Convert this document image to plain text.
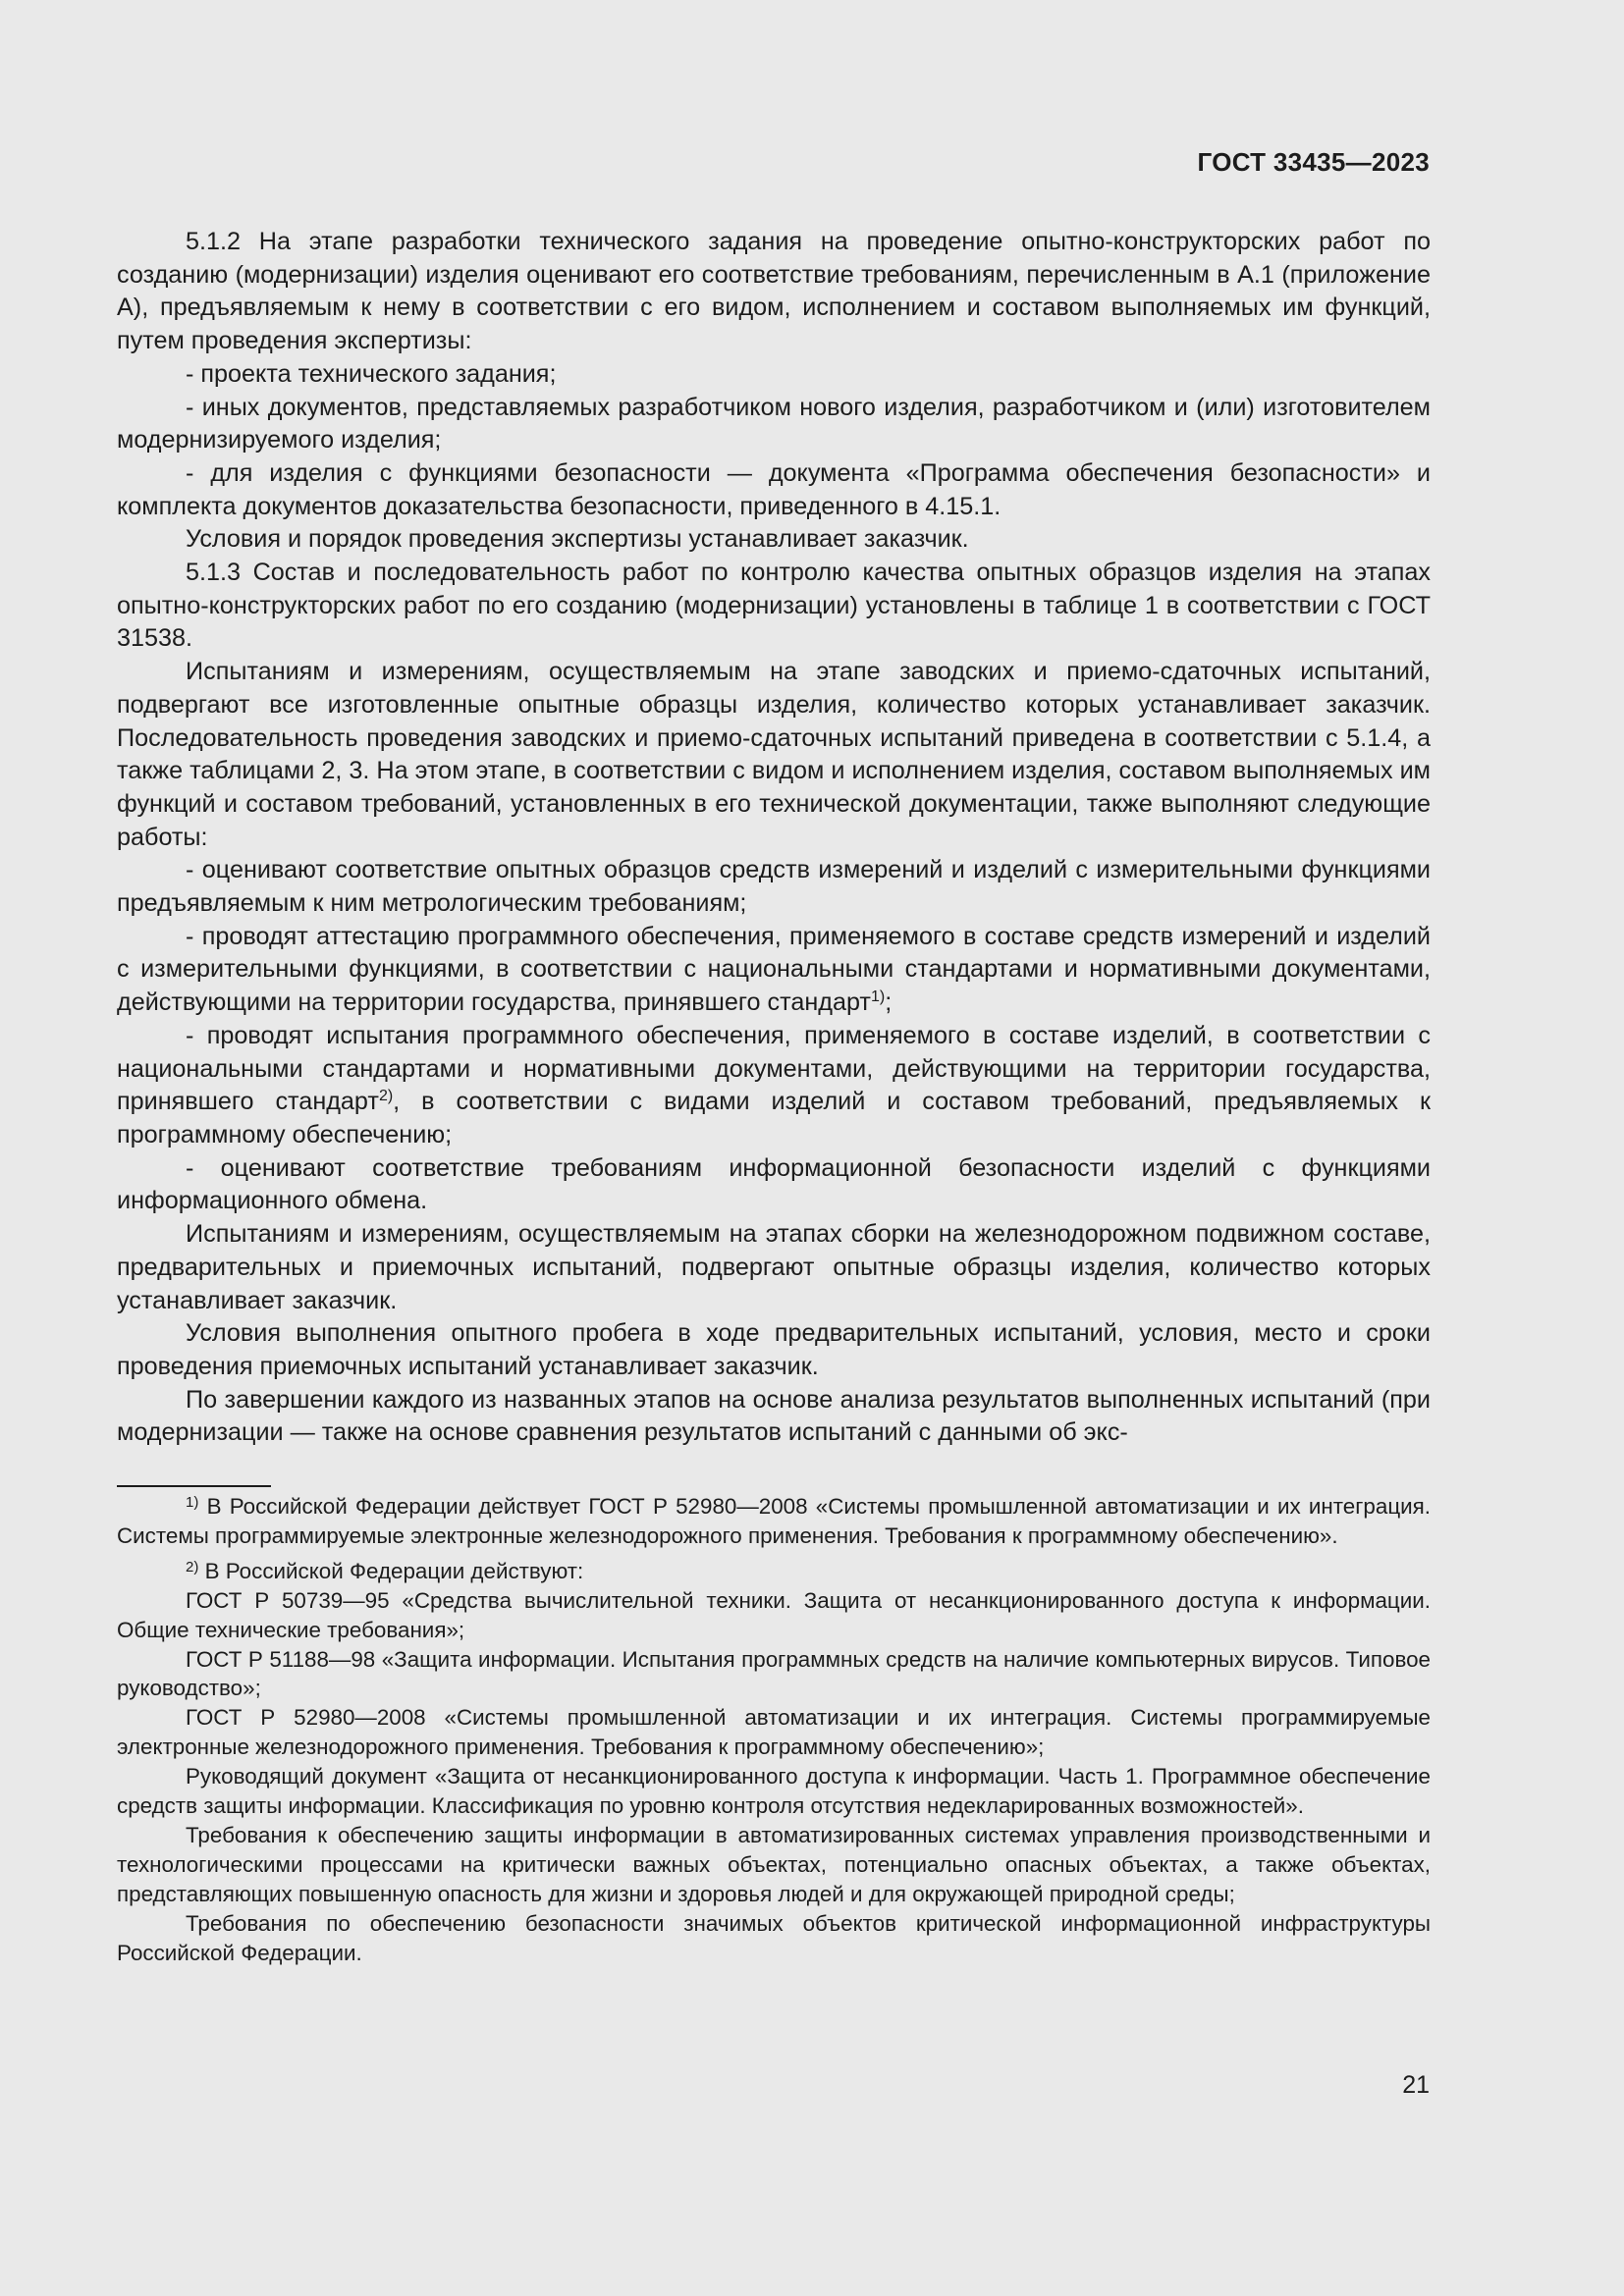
ГОСТ 33435—2023

5.1.2 На этапе разработки технического задания на проведение опытно-конструкторских работ по созданию (модернизации) изделия оценивают его соответствие требованиям, перечисленным в А.1 (приложение А), предъявляемым к нему в соответствии с его видом, исполнением и составом выполняемых им функций, путем проведения экспертизы:

- проекта технического задания;

- иных документов, представляемых разработчиком нового изделия, разработчиком и (или) изготовителем модернизируемого изделия;

- для изделия с функциями безопасности — документа «Программа обеспечения безопасности» и комплекта документов доказательства безопасности, приведенного в 4.15.1.

Условия и порядок проведения экспертизы устанавливает заказчик.

5.1.3 Состав и последовательность работ по контролю качества опытных образцов изделия на этапах опытно-конструкторских работ по его созданию (модернизации) установлены в таблице 1 в соответствии с ГОСТ 31538.

Испытаниям и измерениям, осуществляемым на этапе заводских и приемо-сдаточных испытаний, подвергают все изготовленные опытные образцы изделия, количество которых устанавливает заказчик. Последовательность проведения заводских и приемо-сдаточных испытаний приведена в соответствии с 5.1.4, а также таблицами 2, 3. На этом этапе, в соответствии с видом и исполнением изделия, составом выполняемых им функций и составом требований, установленных в его технической документации, также выполняют следующие работы:

- оценивают соответствие опытных образцов средств измерений и изделий с измерительными функциями предъявляемым к ним метрологическим требованиям;

- проводят аттестацию программного обеспечения, применяемого в составе средств измерений и изделий с измерительными функциями, в соответствии с национальными стандартами и нормативными документами, действующими на территории государства, принявшего стандарт$^{1)}$;

- проводят испытания программного обеспечения, применяемого в составе изделий, в соответствии с национальными стандартами и нормативными документами, действующими на территории государства, принявшего стандарт$^{2)}$, в соответствии с видами изделий и составом требований, предъявляемых к программному обеспечению;

- оценивают соответствие требованиям информационной безопасности изделий с функциями информационного обмена.

Испытаниям и измерениям, осуществляемым на этапах сборки на железнодорожном подвижном составе, предварительных и приемочных испытаний, подвергают опытные образцы изделия, количество которых устанавливает заказчик.

Условия выполнения опытного пробега в ходе предварительных испытаний, условия, место и сроки проведения приемочных испытаний устанавливает заказчик.

По завершении каждого из названных этапов на основе анализа результатов выполненных испытаний (при модернизации — также на основе сравнения результатов испытаний с данными об экс-

$^{1)}$ В Российской Федерации действует ГОСТ Р 52980—2008 «Системы промышленной автоматизации и их интеграция. Системы программируемые электронные железнодорожного применения. Требования к программному обеспечению».

$^{2)}$ В Российской Федерации действуют:

ГОСТ Р 50739—95 «Средства вычислительной техники. Защита от несанкционированного доступа к информации. Общие технические требования»;

ГОСТ Р 51188—98 «Защита информации. Испытания программных средств на наличие компьютерных вирусов. Типовое руководство»;

ГОСТ Р 52980—2008 «Системы промышленной автоматизации и их интеграция. Системы программируемые электронные железнодорожного применения. Требования к программному обеспечению»;

Руководящий документ «Защита от несанкционированного доступа к информации. Часть 1. Программное обеспечение средств защиты информации. Классификация по уровню контроля отсутствия недекларированных возможностей».

Требования к обеспечению защиты информации в автоматизированных системах управления производственными и технологическими процессами на критически важных объектах, потенциально опасных объектах, а также объектах, представляющих повышенную опасность для жизни и здоровья людей и для окружающей природной среды;

Требования по обеспечению безопасности значимых объектов критической информационной инфраструктуры Российской Федерации.

21
